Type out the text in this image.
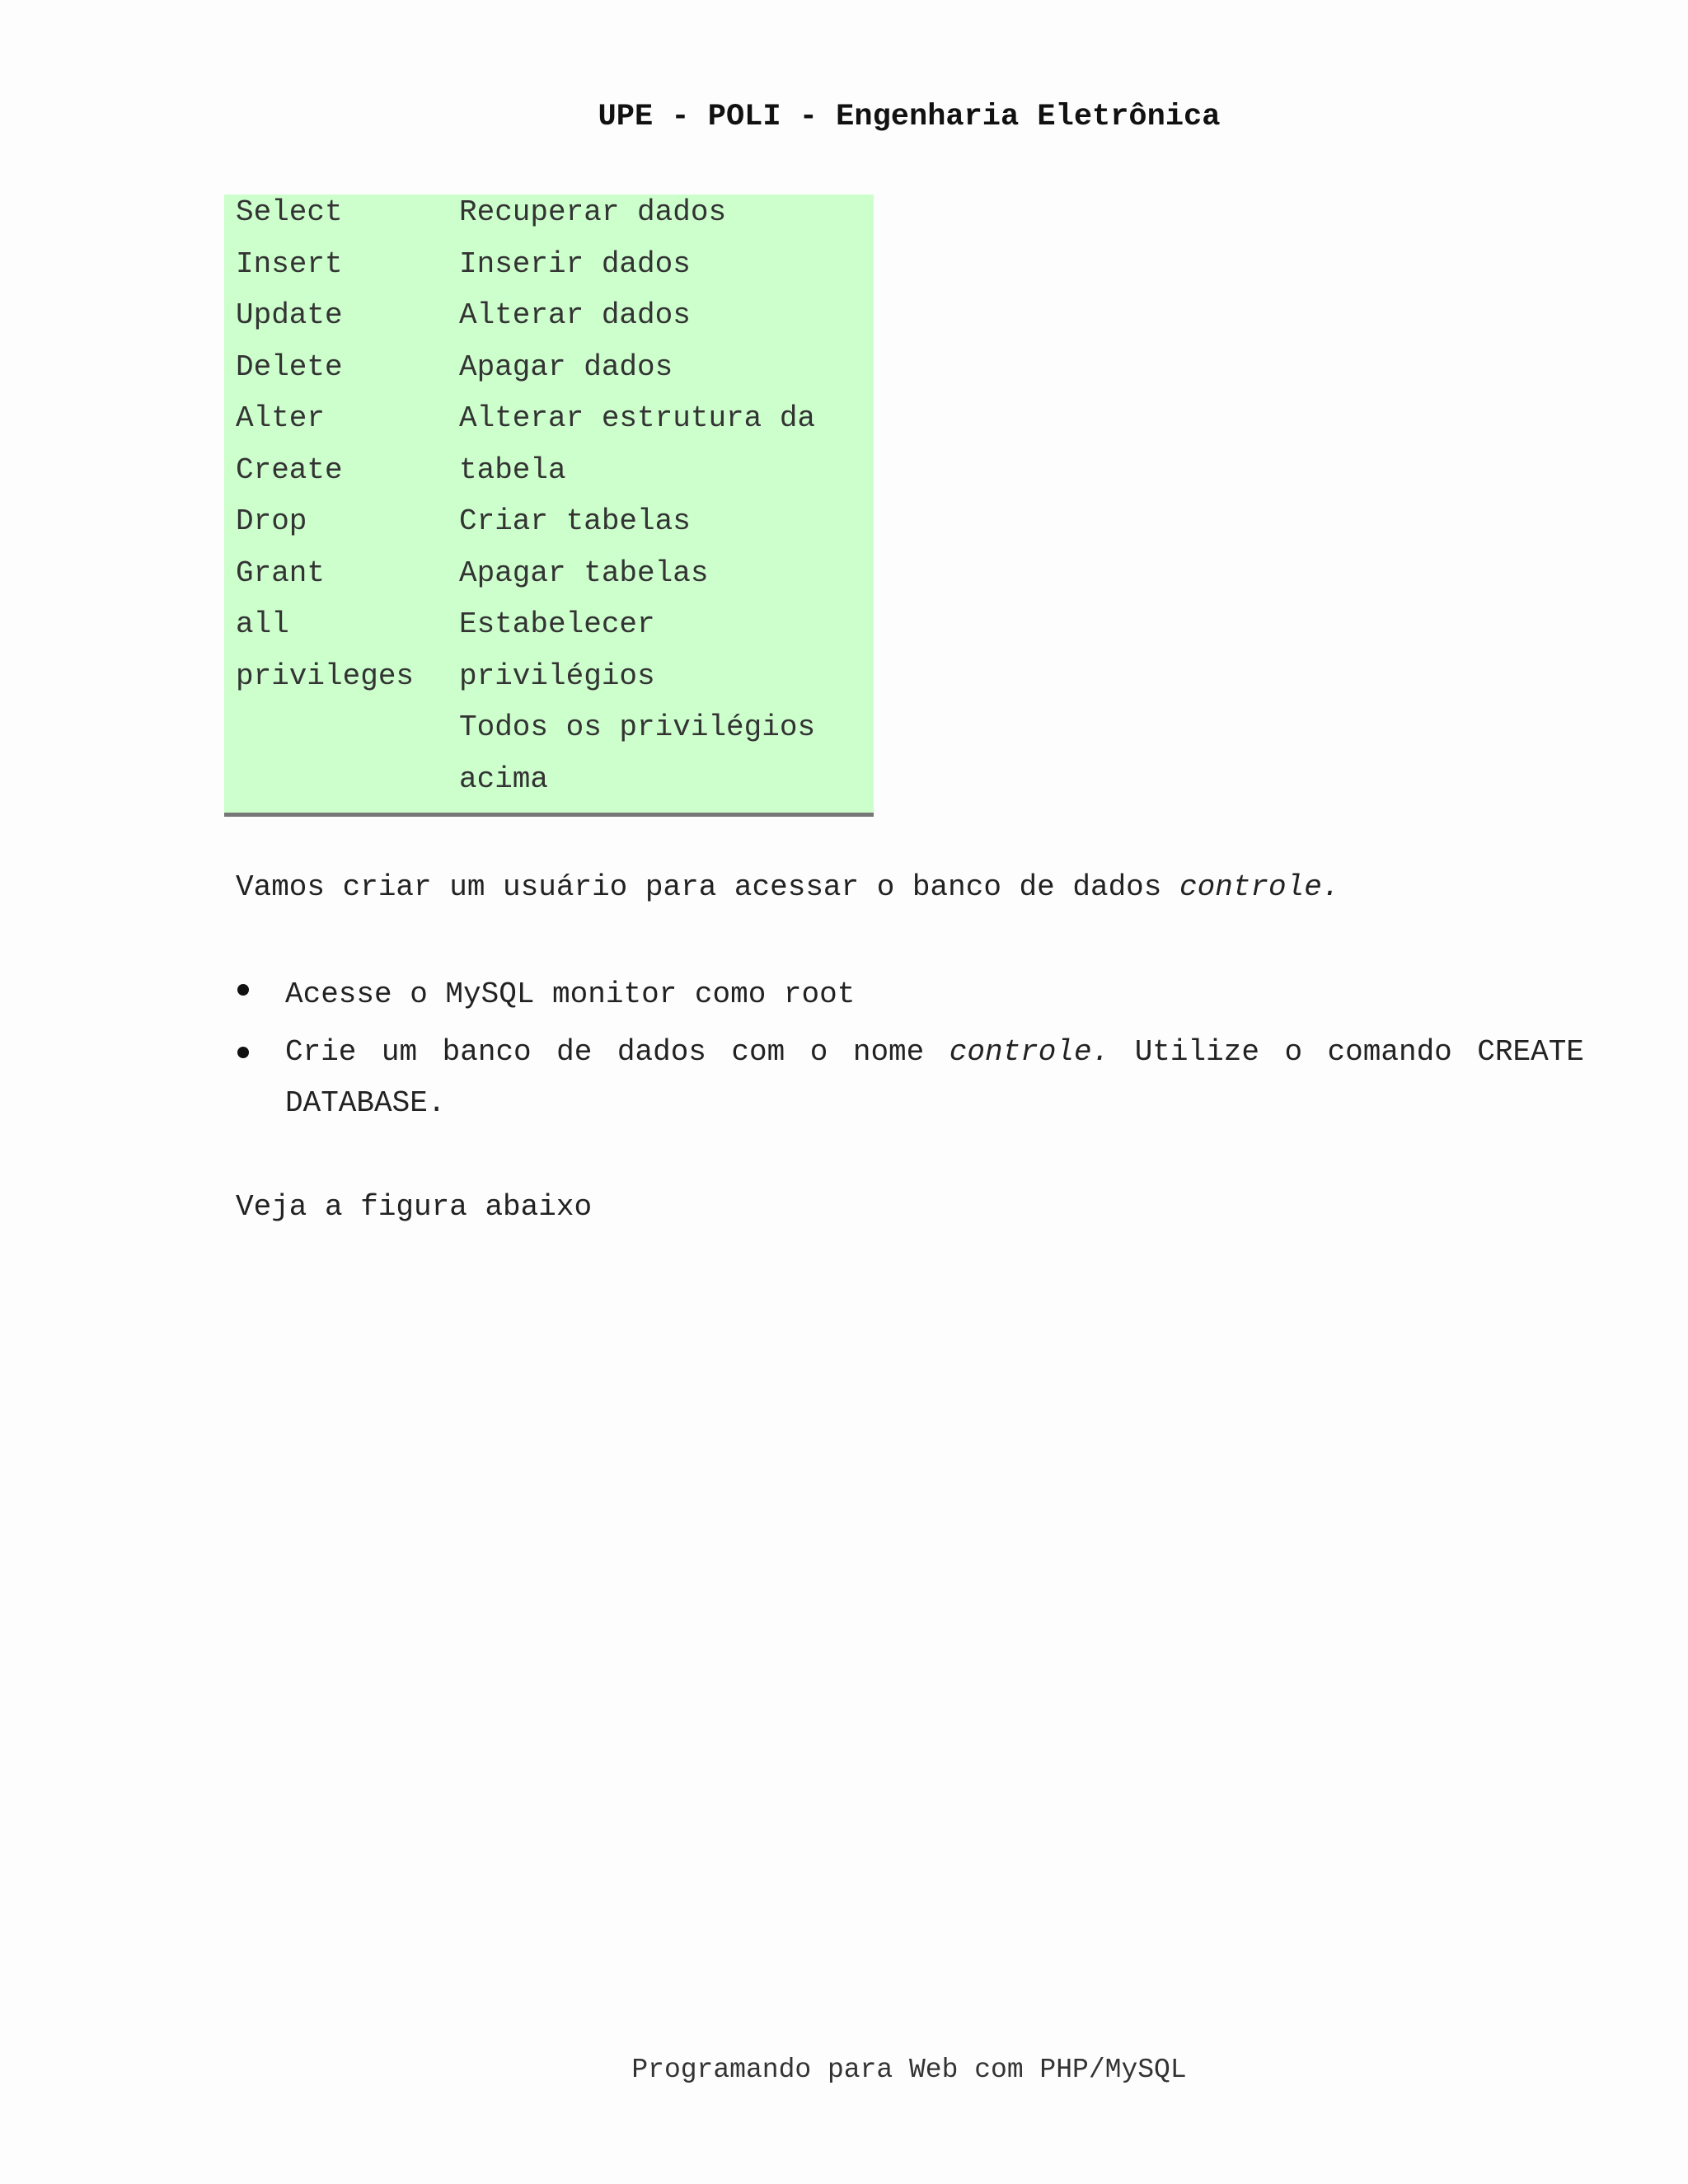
UPE - POLI - Engenharia Eletrônica
Select
Insert
Update
Delete
Alter
Create
Drop
Grant
all
privileges
Recuperar dados
Inserir dados
Alterar dados
Apagar dados
Alterar estrutura da
tabela
Criar tabelas
Apagar tabelas
Estabelecer
privilégios
Todos os privilégios
acima
Vamos criar um usuário para acessar o banco de dados controle.
Acesse o MySQL monitor como root
Crie um banco de dados com o nome controle. Utilize o comando CREATE
DATABASE.
Veja a figura abaixo
Programando para Web com PHP/MySQL
